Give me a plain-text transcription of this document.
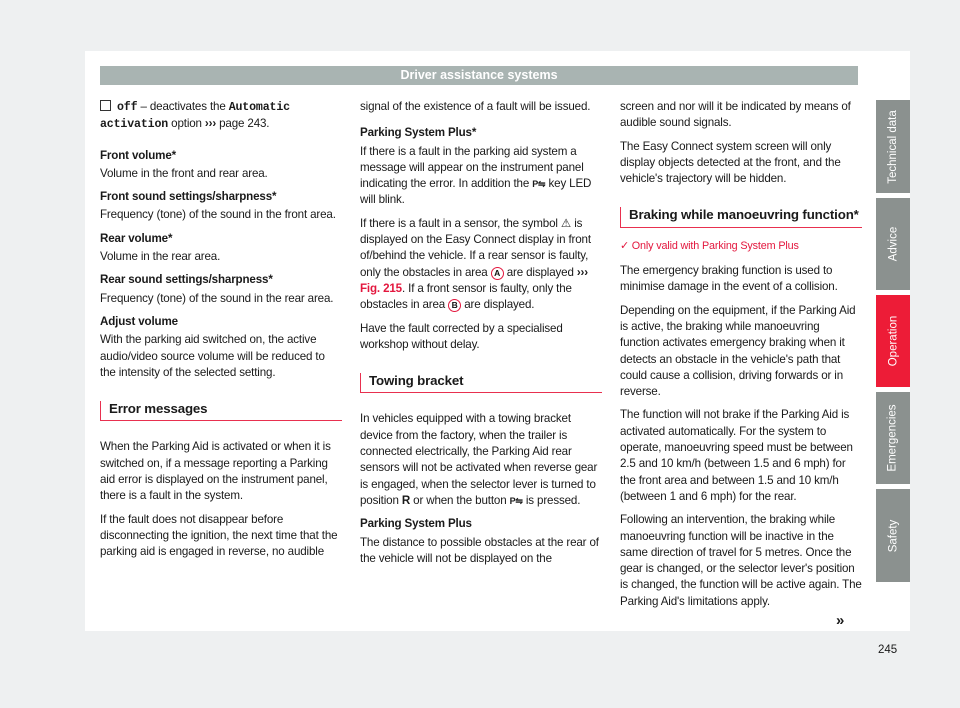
Driver assistance systems

off – deactivates the Automatic activation option ››› page 243.

Front volume*

Volume in the front and rear area.

Front sound settings/sharpness*

Frequency (tone) of the sound in the front area.

Rear volume*

Volume in the rear area.

Rear sound settings/sharpness*

Frequency (tone) of the sound in the rear area.

Adjust volume

With the parking aid switched on, the active audio/video source volume will be reduced to the intensity of the selected setting.

Error messages

When the Parking Aid is activated or when it is switched on, if a message reporting a Parking aid error is displayed on the instrument panel, there is a fault in the system.

If the fault does not disappear before disconnecting the ignition, the next time that the parking aid is engaged in reverse, no audible

signal of the existence of a fault will be issued.

Parking System Plus*

If there is a fault in the parking aid system a message will appear on the instrument panel indicating the error. In addition the P⇋ key LED will blink.

If there is a fault in a sensor, the symbol ⚠ is displayed on the Easy Connect display in front of/behind the vehicle. If a rear sensor is faulty, only the obstacles in area A are displayed ››› Fig. 215. If a front sensor is faulty, only the obstacles in area B are displayed.

Have the fault corrected by a specialised workshop without delay.

Towing bracket

In vehicles equipped with a towing bracket device from the factory, when the trailer is connected electrically, the Parking Aid rear sensors will not be activated when reverse gear is engaged, when the selector lever is turned to position R or when the button P⇋ is pressed.

Parking System Plus

The distance to possible obstacles at the rear of the vehicle will not be displayed on the

screen and nor will it be indicated by means of audible sound signals.

The Easy Connect system screen will only display objects detected at the front, and the vehicle's trajectory will be hidden.

Braking while manoeuvring function*

✓ Only valid with Parking System Plus

The emergency braking function is used to minimise damage in the event of a collision.

Depending on the equipment, if the Parking Aid is active, the braking while manoeuvring function activates emergency braking when it detects an obstacle in the vehicle's path that could cause a collision, driving forwards or in reverse.

The function will not brake if the Parking Aid is activated automatically. For the system to operate, manoeuvring speed must be between 2.5 and 10 km/h (between 1.5 and 6 mph) for the front area and between 1.5 and 10 km/h (between 1 and 6 mph) for the rear.

Following an intervention, the braking while manoeuvring function will be inactive in the same direction of travel for 5 metres. Once the gear is changed, or the selector lever's position is changed, the function will be active again. The Parking Aid's limitations apply.

»
Technical data
Advice
Operation
Emergencies
Safety
245
